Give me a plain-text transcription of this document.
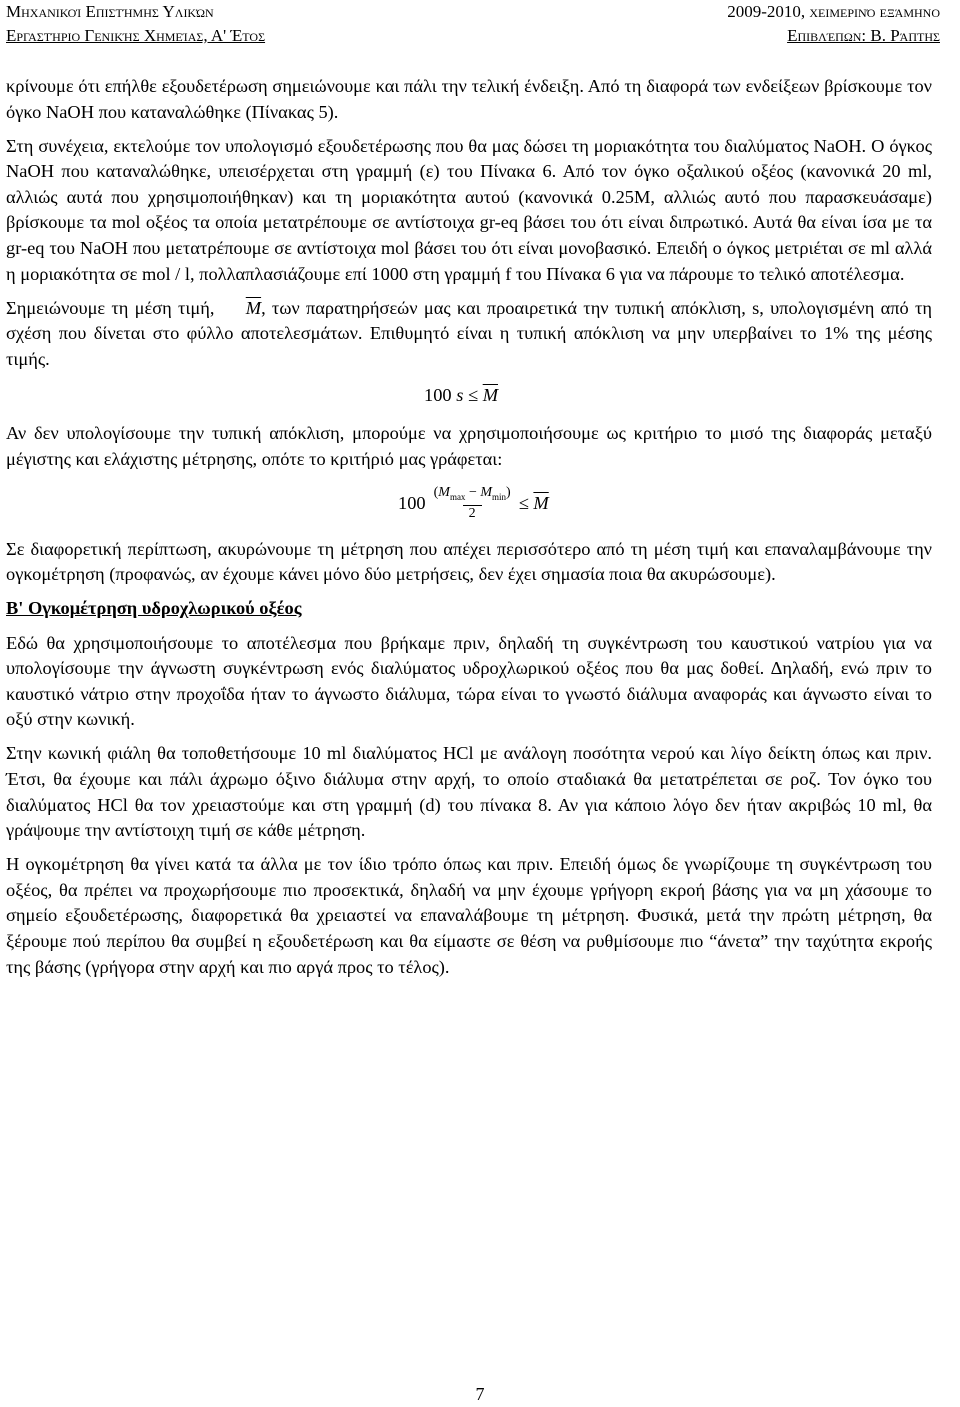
Μηχανικοί Επιστήμης Υλικών	2009-2010, χειμερινό εξάμηνο
Εργαστήριο Γενικής Χημείας, Α' Έτος	Επιβλέπων: Β. Ράπτης

κρίνουμε ότι επήλθε εξουδετέρωση σημειώνουμε και πάλι την τελική ένδειξη. Από τη διαφορά των ενδείξεων βρίσκουμε τον όγκο NaOH που καταναλώθηκε (Πίνακας 5).

Στη συνέχεια, εκτελούμε τον υπολογισμό εξουδετέρωσης που θα μας δώσει τη μοριακότητα του διαλύματος NaOH. Ο όγκος NaOH που καταναλώθηκε, υπεισέρχεται στη γραμμή (ε) του Πίνακα 6. Από τον όγκο οξαλικού οξέος (κανονικά 20 ml, αλλιώς αυτά που χρησιμοποιήθηκαν) και τη μοριακότητα αυτού (κανονικά 0.25M, αλλιώς αυτό που παρασκευάσαμε) βρίσκουμε τα mol οξέος τα οποία μετατρέπουμε σε αντίστοιχα gr-eq βάσει του ότι είναι διπρωτικό. Αυτά θα είναι ίσα με τα gr-eq του NaOH που μετατρέπουμε σε αντίστοιχα mol βάσει του ότι είναι μονοβασικό. Επειδή ο όγκος μετριέται σε ml αλλά η μοριακότητα σε mol / l, πολλαπλασιάζουμε επί 1000 στη γραμμή f του Πίνακα 6 για να πάρουμε το τελικό αποτέλεσμα.

Σημειώνουμε τη μέση τιμή, $\overline{M}$, των παρατηρήσεών μας και προαιρετικά την τυπική απόκλιση, s, υπολογισμένη από τη σχέση που δίνεται στο φύλλο αποτελεσμάτων. Επιθυμητό είναι η τυπική απόκλιση να μην υπερβαίνει το 1% της μέσης τιμής.

100
s
≤
$\overline{M}$

Αν δεν υπολογίσουμε την τυπική απόκλιση, μπορούμε να χρησιμοποιήσουμε ως κριτήριο το μισό της διαφοράς μεταξύ μέγιστης και ελάχιστης μέτρησης, οπότε το κριτήριό μας γράφεται:

$100 \frac{(M_{max} - M_{min})}{2}$ ≤
$\overline{M}$

Σε διαφορετική περίπτωση, ακυρώνουμε τη μέτρηση που απέχει περισσότερο από τη μέση τιμή και επαναλαμβάνουμε την ογκομέτρηση (προφανώς, αν έχουμε κάνει μόνο δύο μετρήσεις, δεν έχει σημασία ποια θα ακυρώσουμε).

Β' Ογκομέτρηση υδροχλωρικού οξέος

Εδώ θα χρησιμοποιήσουμε το αποτέλεσμα που βρήκαμε πριν, δηλαδή τη συγκέντρωση του καυστικού νατρίου για να υπολογίσουμε την άγνωστη συγκέντρωση ενός διαλύματος υδροχλωρικού οξέος που θα μας δοθεί. Δηλαδή, ενώ πριν το καυστικό νάτριο στην προχοΐδα ήταν το άγνωστο διάλυμα, τώρα είναι το γνωστό διάλυμα αναφοράς και άγνωστο είναι το οξύ στην κωνική.

Στην κωνική φιάλη θα τοποθετήσουμε 10 ml διαλύματος HCl με ανάλογη ποσότητα νερού και λίγο δείκτη όπως και πριν. Έτσι, θα έχουμε και πάλι άχρωμο όξινο διάλυμα στην αρχή, το οποίο σταδιακά θα μετατρέπεται σε ροζ. Τον όγκο του διαλύματος HCl θα τον χρειαστούμε και στη γραμμή (d) του πίνακα 8. Αν για κάποιο λόγο δεν ήταν ακριβώς 10 ml, θα γράψουμε την αντίστοιχη τιμή σε κάθε μέτρηση.

Η ογκομέτρηση θα γίνει κατά τα άλλα με τον ίδιο τρόπο όπως και πριν. Επειδή όμως δε γνωρίζουμε τη συγκέντρωση του οξέος, θα πρέπει να προχωρήσουμε πιο προσεκτικά, δηλαδή να μην έχουμε γρήγορη εκροή βάσης για να μη χάσουμε το σημείο εξουδετέρωσης, διαφορετικά θα χρειαστεί να επαναλάβουμε τη μέτρηση. Φυσικά, μετά την πρώτη μέτρηση, θα ξέρουμε πού περίπου θα συμβεί η εξουδετέρωση και θα είμαστε σε θέση να ρυθμίσουμε πιο “άνετα” την ταχύτητα εκροής της βάσης (γρήγορα στην αρχή και πιο αργά προς το τέλος).

7
